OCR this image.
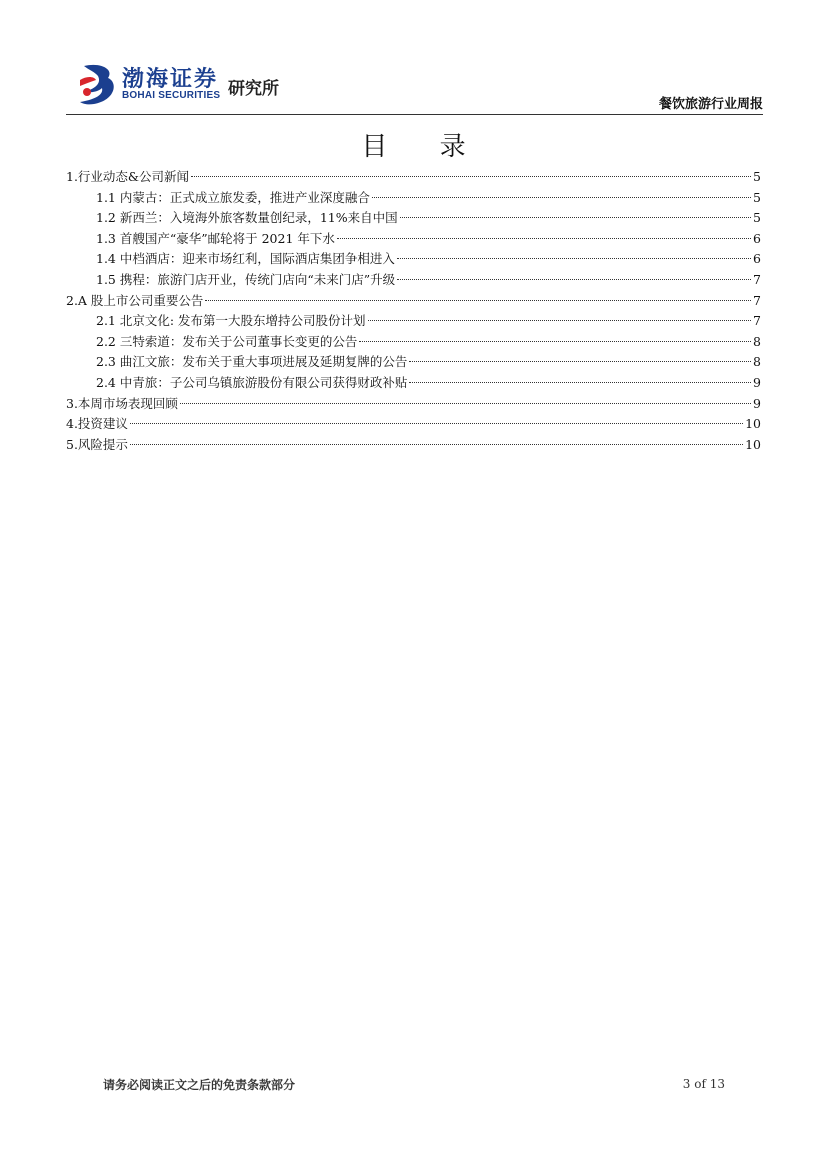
渤海证券
BOHAI SECURITIES 研究所
餐饮旅游行业周报
目 录
1.行业动态&公司新闻	5
1.1 内蒙古：正式成立旅发委，推进产业深度融合	5
1.2 新西兰：入境海外旅客数量创纪录，11%来自中国	5
1.3 首艘国产“豪华”邮轮将于 2021 年下水	6
1.4 中档酒店：迎来市场红利，国际酒店集团争相进入	6
1.5 携程：旅游门店开业，传统门店向“未来门店”升级	7
2.A 股上市公司重要公告	7
2.1 北京文化: 发布第一大股东增持公司股份计划	7
2.2 三特索道：发布关于公司董事长变更的公告	8
2.3 曲江文旅：发布关于重大事项进展及延期复牌的公告	8
2.4 中青旅：子公司乌镇旅游股份有限公司获得财政补贴	9
3.本周市场表现回顾	9
4.投资建议	10
5.风险提示	10
请务必阅读正文之后的免责条款部分	3 of 13
